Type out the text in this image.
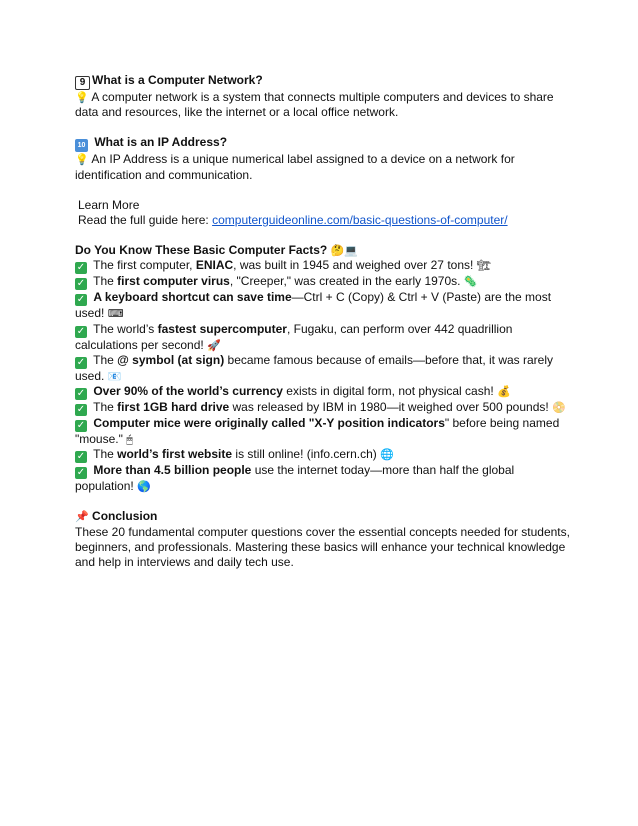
9 What is a Computer Network?

💡 A computer network is a system that connects multiple computers and devices to share data and resources, like the internet or a local office network.

10 What is an IP Address?

💡 An IP Address is a unique numerical label assigned to a device on a network for identification and communication.

Learn More

Read the full guide here: computerguideonline.com/basic-questions-of-computer/

Do You Know These Basic Computer Facts? 🤔💻

✓ The first computer, ENIAC, was built in 1945 and weighed over 27 tons! 🏗

✓ The first computer virus, "Creeper," was created in the early 1970s. 🦠

✓ A keyboard shortcut can save time—Ctrl + C (Copy) & Ctrl + V (Paste) are the most used! ⌨

✓ The world’s fastest supercomputer, Fugaku, can perform over 442 quadrillion calculations per second! 🚀

✓ The @ symbol (at sign) became famous because of emails—before that, it was rarely used. 📧

✓ Over 90% of the world’s currency exists in digital form, not physical cash! 💰

✓ The first 1GB hard drive was released by IBM in 1980—it weighed over 500 pounds! 📀

✓ Computer mice were originally called "X-Y position indicators" before being named "mouse." 🖱

✓ The world’s first website is still online! (info.cern.ch) 🌐

✓ More than 4.5 billion people use the internet today—more than half the global population! 🌎

📌 Conclusion

These 20 fundamental computer questions cover the essential concepts needed for students, beginners, and professionals. Mastering these basics will enhance your technical knowledge and help in interviews and daily tech use.
